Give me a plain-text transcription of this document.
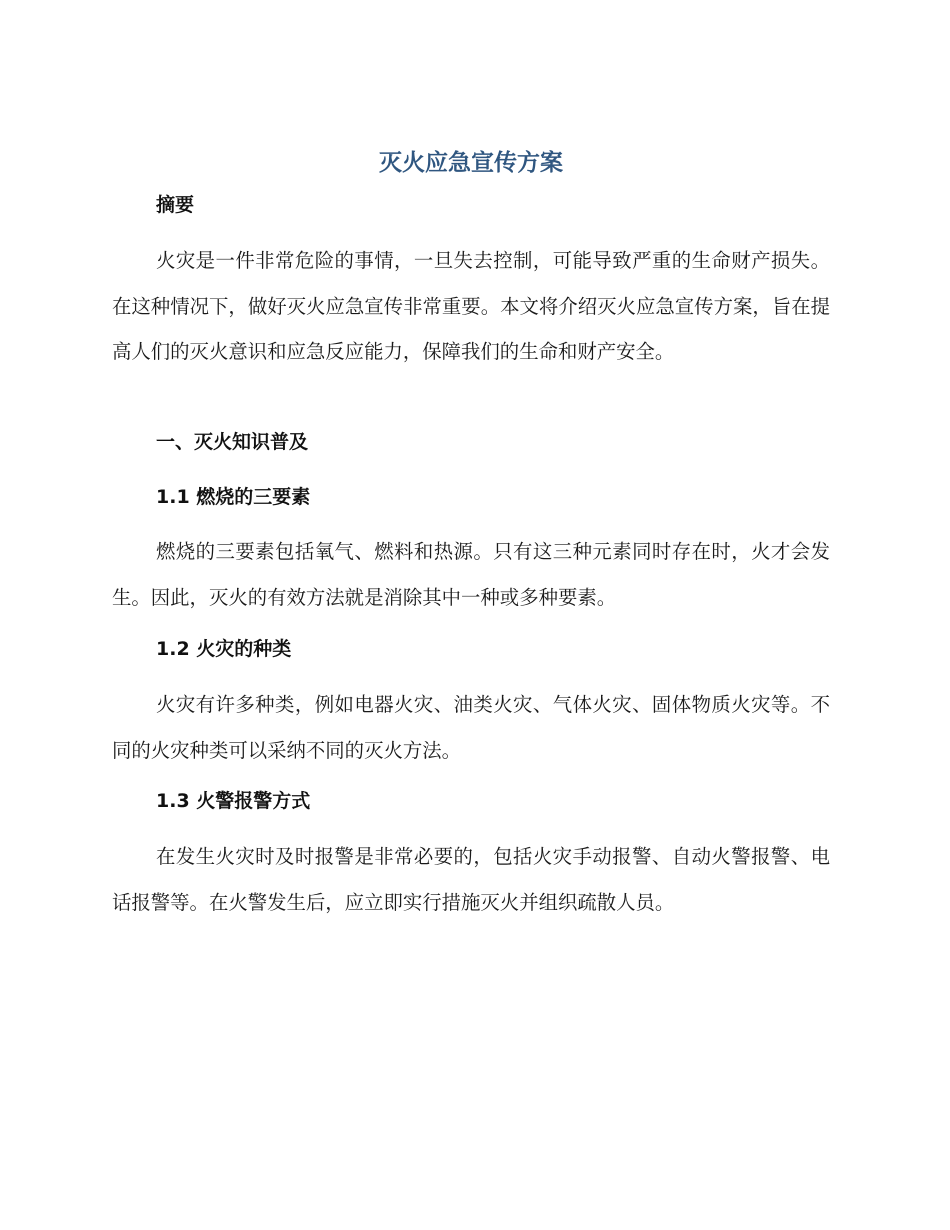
灭火应急宣传方案
摘要

火灾是一件非常危险的事情，一旦失去控制，可能导致严重的生命财产损失。在这种情况下，做好灭火应急宣传非常重要。本文将介绍灭火应急宣传方案，旨在提高人们的灭火意识和应急反应能力，保障我们的生命和财产安全。

一、灭火知识普及
1.1 燃烧的三要素

燃烧的三要素包括氧气、燃料和热源。只有这三种元素同时存在时，火才会发生。因此，灭火的有效方法就是消除其中一种或多种要素。

1.2 火灾的种类

火灾有许多种类，例如电器火灾、油类火灾、气体火灾、固体物质火灾等。不同的火灾种类可以采纳不同的灭火方法。

1.3 火警报警方式

在发生火灾时及时报警是非常必要的，包括火灾手动报警、自动火警报警、电话报警等。在火警发生后，应立即实行措施灭火并组织疏散人员。
